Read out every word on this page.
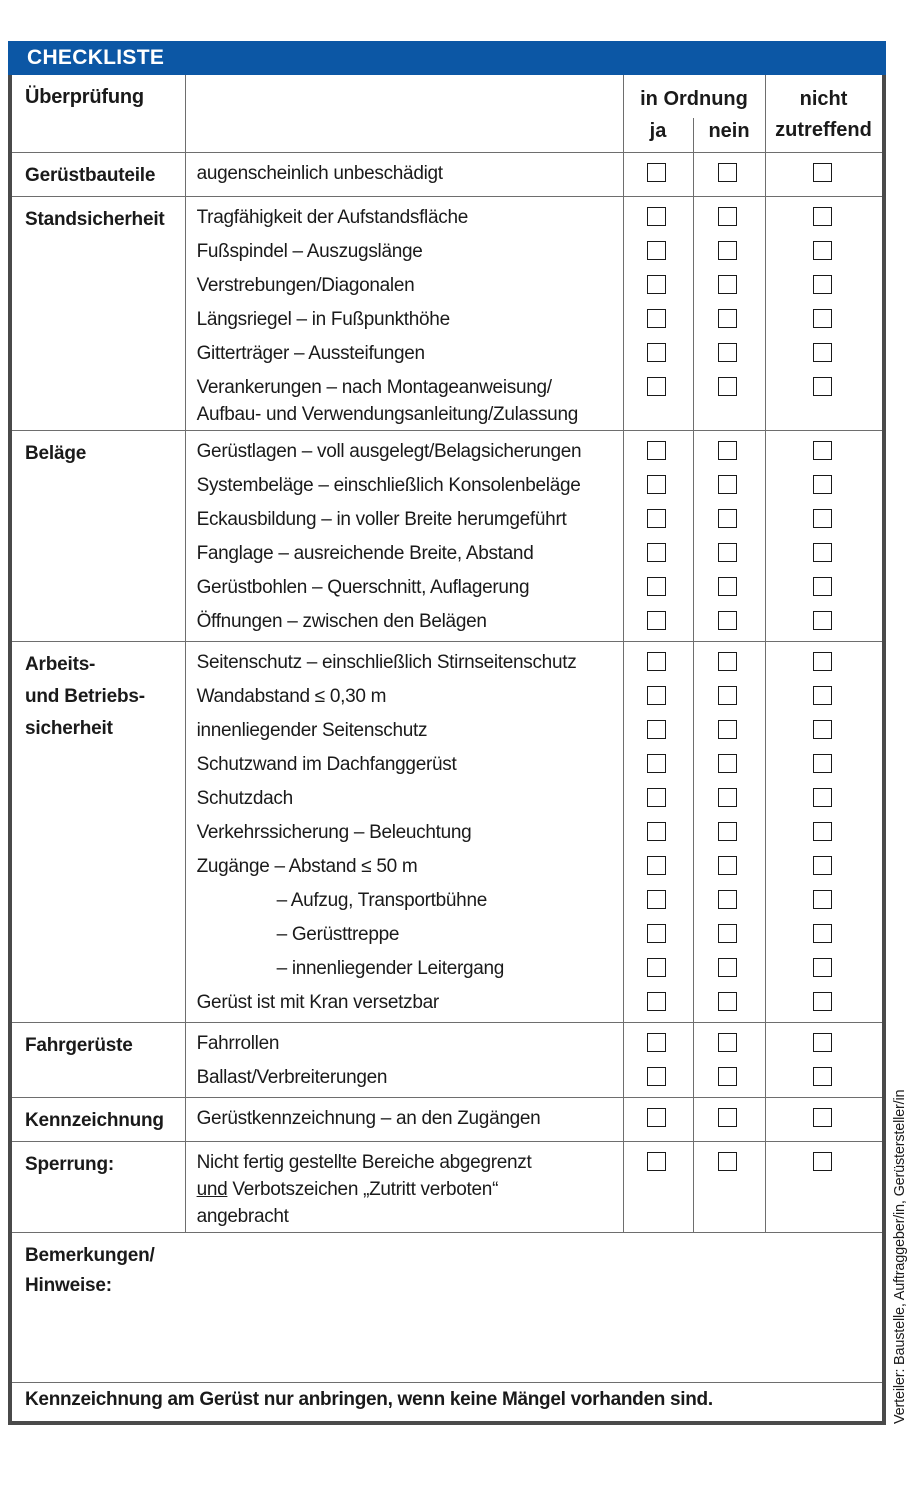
CHECKLISTE
Überprüfung	in Ordnung
ja	nein
nicht
zutreffend
Gerüstbauteile	augenscheinlich unbeschädigt
Standsicherheit	Tragfähigkeit der Aufstandsfläche
Fußspindel – Auszugslänge
Verstrebungen/Diagonalen
Längsriegel – in Fußpunkthöhe
Gitterträger – Aussteifungen
Verankerungen – nach Montageanweisung/
Aufbau- und Verwendungsanleitung/Zulassung
Beläge	Gerüstlagen – voll ausgelegt/Belagsicherungen
Systembeläge – einschließlich Konsolenbeläge
Eckausbildung – in voller Breite herumgeführt
Fanglage – ausreichende Breite, Abstand
Gerüstbohlen – Querschnitt, Auflagerung
Öffnungen – zwischen den Belägen
Arbeits-
und Betriebs-
sicherheit
Seitenschutz – einschließlich Stirnseitenschutz
Wandabstand ≤ 0,30 m
innenliegender Seitenschutz
Schutzwand im Dachfanggerüst
Schutzdach
Verkehrssicherung – Beleuchtung
Zugänge – Abstand ≤ 50 m
– Aufzug, Transportbühne
– Gerüsttreppe
– innenliegender Leitergang
Gerüst ist mit Kran versetzbar
Fahrgerüste	Fahrrollen
Ballast/Verbreiterungen
Kennzeichnung	Gerüstkennzeichnung – an den Zugängen
Sperrung:	Nicht fertig gestellte Bereiche abgegrenzt
und Verbotszeichen „Zutritt verboten“
angebracht
Bemerkungen/
Hinweise:
Kennzeichnung am Gerüst nur anbringen, wenn keine Mängel vorhanden sind.	Verteiler: Baustelle, Auftraggeber/in, Gerüstersteller/in
